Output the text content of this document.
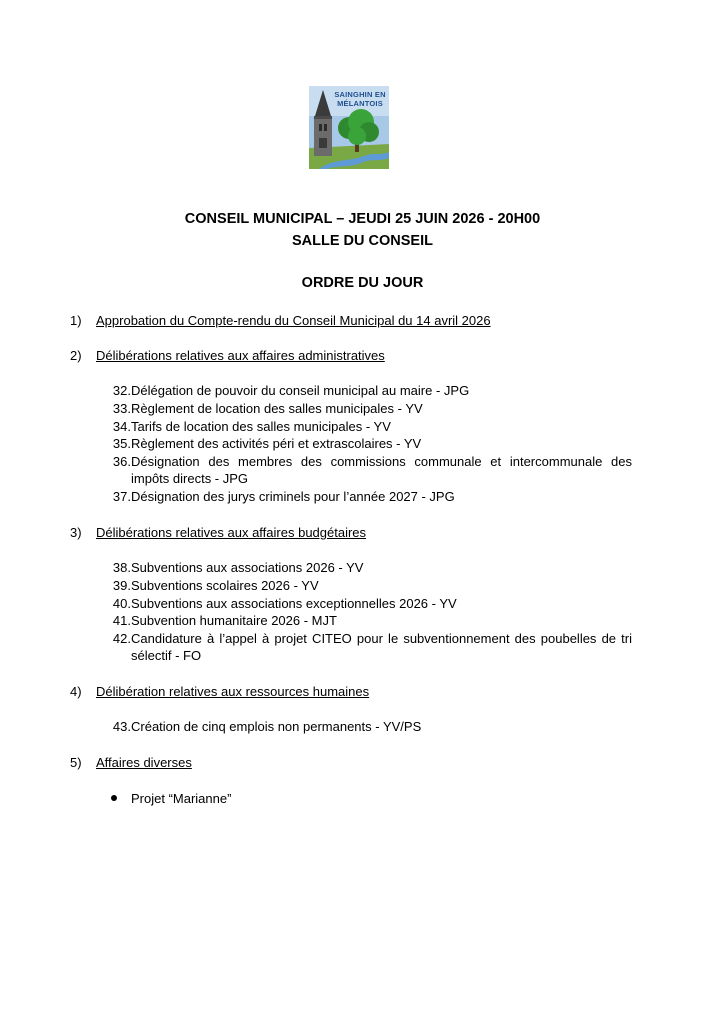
SAINGHIN EN
MÉLANTOIS
CONSEIL MUNICIPAL – JEUDI 25 JUIN 2026 - 20H00
SALLE DU CONSEIL
ORDRE DU JOUR
1) Approbation du Compte-rendu du Conseil Municipal du 14 avril 2026
2) Délibérations relatives aux affaires administratives
32. Délégation de pouvoir du conseil municipal au maire - JPG
33. Règlement de location des salles municipales - YV
34. Tarifs de location des salles municipales - YV
35. Règlement des activités péri et extrascolaires - YV
36. Désignation des membres des commissions communale et intercommunale des impôts directs - JPG
37. Désignation des jurys criminels pour l’année 2027 - JPG
3) Délibérations relatives aux affaires budgétaires
38. Subventions aux associations 2026 - YV
39. Subventions scolaires 2026 - YV
40. Subventions aux associations exceptionnelles 2026 - YV
41. Subvention humanitaire 2026 - MJT
42. Candidature à l’appel à projet CITEO pour le subventionnement des poubelles de tri sélectif - FO
4) Délibération relatives aux ressources humaines
43. Création de cinq emplois non permanents - YV/PS
5) Affaires diverses
Projet “Marianne”
